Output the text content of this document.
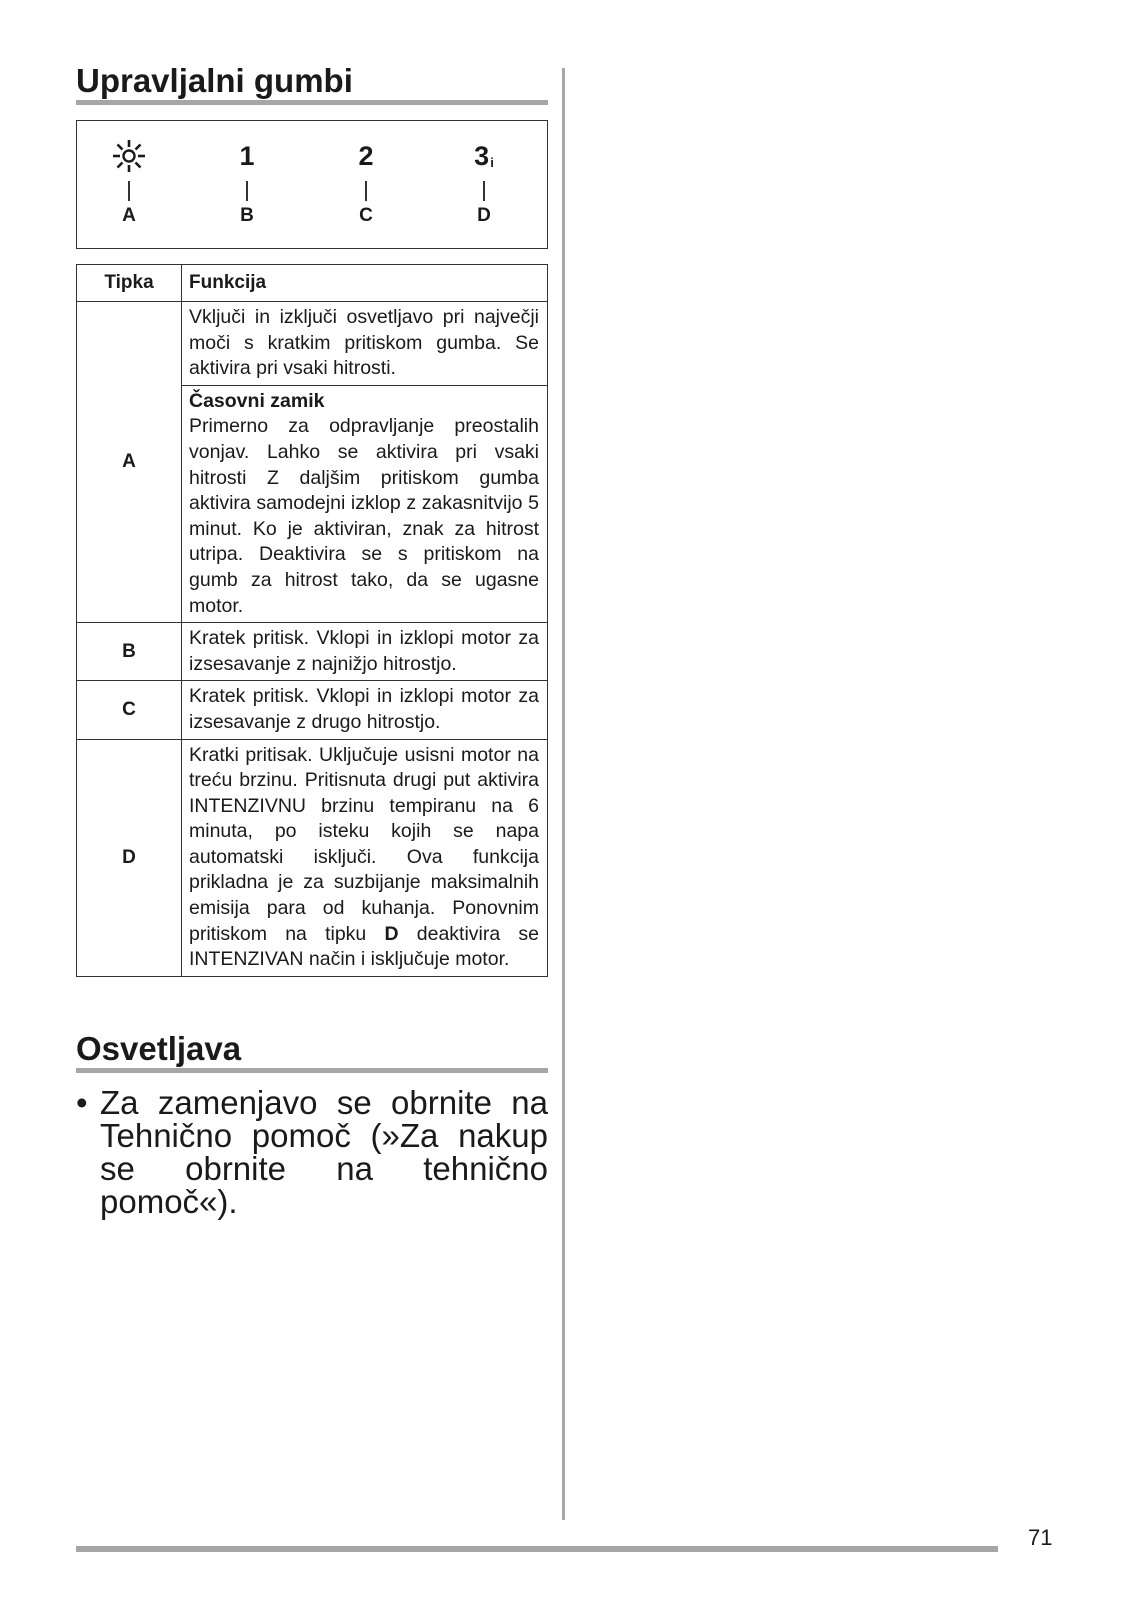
Upravljalni gumbi
A
1
B
2
C
3i
D
Tipka	Funkcija
A	Vključi in izključi osvetljavo pri največji moči s kratkim pritiskom gumba. Se aktivira pri vsaki hitrosti.

	Časovni zamik
Primerno za odpravljanje preostalih vonjav. Lahko se aktivira pri vsaki hitrosti Z daljšim pritiskom gumba aktivira samodejni izklop z zakasnitvijo 5 minut. Ko je aktiviran, znak za hitrost utripa. Deaktivira se s pritiskom na gumb za hitrost tako, da se ugasne motor.
B	Kratek pritisk. Vklopi in izklopi motor za izsesavanje z najnižjo hitrostjo.
C	Kratek pritisk. Vklopi in izklopi motor za izsesavanje z drugo hitrostjo.
D	Kratki pritisak. Uključuje usisni motor na treću brzinu. Pritisnuta drugi put aktivira INTENZIVNU brzinu tempiranu na 6 minuta, po isteku kojih se napa automatski isključi. Ova funkcija prikladna je za suzbijanje maksimalnih emisija para od kuhanja. Ponovnim pritiskom na tipku D deaktivira se INTENZIVAN način i isključuje motor.
Osvetljava
• Za zamenjavo se obrnite na Tehnično pomoč (»Za nakup se obrnite na tehnično pomoč«).
71
